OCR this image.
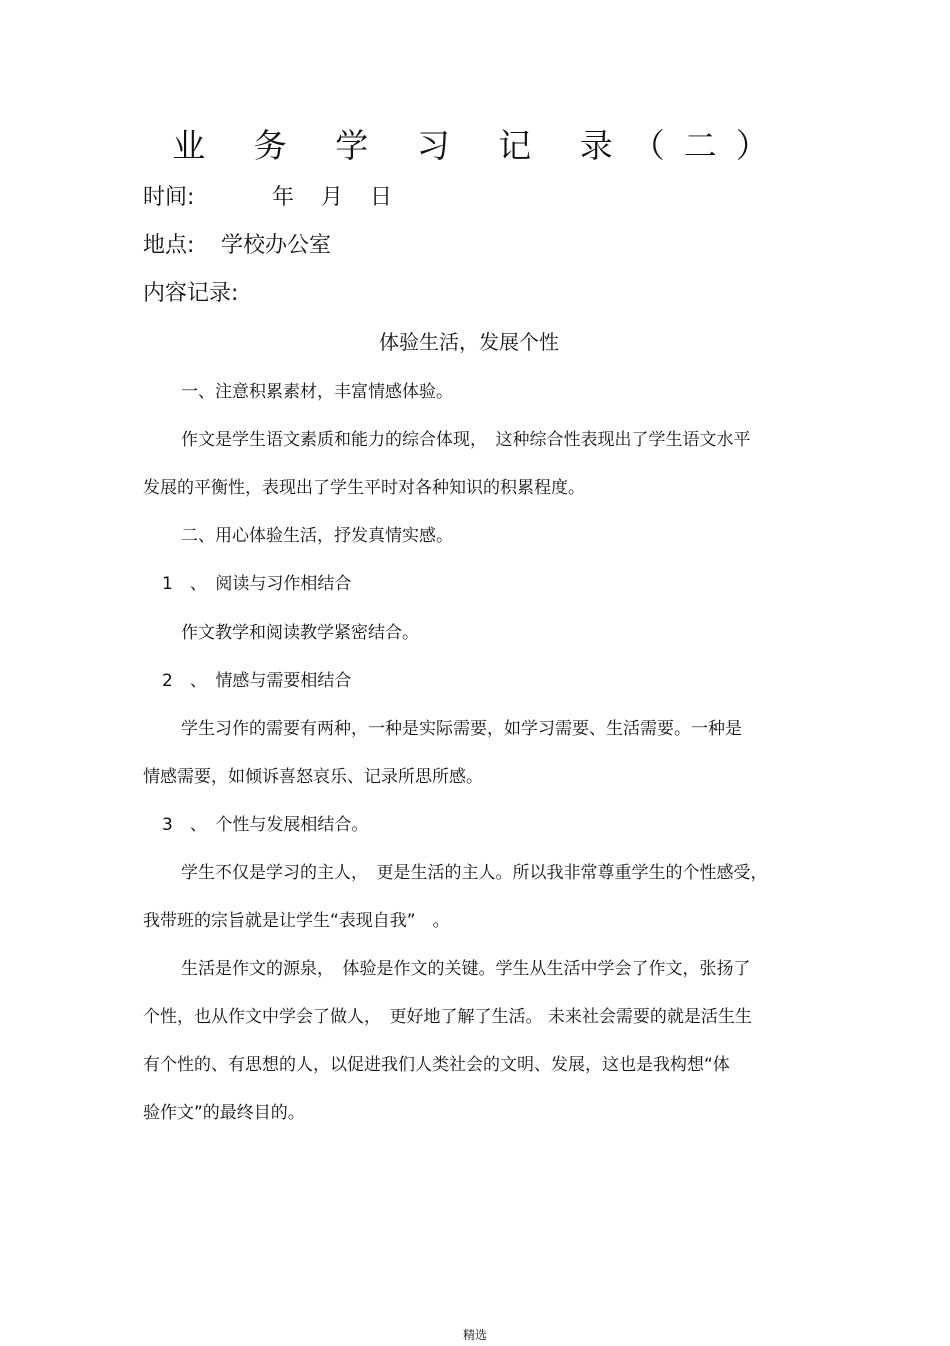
业 务 学 习 记 录（二）
时间:	年 月 日
地点: 学校办公室
内容记录:
体验生活，发展个性
一、注意积累素材，丰富情感体验。
作文是学生语文素质和能力的综合体现，　这种综合性表现出了学生语文水平
发展的平衡性，表现出了学生平时对各种知识的积累程度。
二、用心体验生活，抒发真情实感。
1　、　阅读与习作相结合
作文教学和阅读教学紧密结合。
2　、　情感与需要相结合
学生习作的需要有两种，一种是实际需要，如学习需要、生活需要。一种是
情感需要，如倾诉喜怒哀乐、记录所思所感。
3　、　个性与发展相结合。
学生不仅是学习的主人，　更是生活的主人。所以我非常尊重学生的个性感受，
我带班的宗旨就是让学生“表现自我”　。
生活是作文的源泉，　体验是作文的关键。学生从生活中学会了作文，张扬了
个性，也从作文中学会了做人，　更好地了解了生活。 未来社会需要的就是活生生
有个性的、有思想的人，以促进我们人类社会的文明、发展，这也是我构想“体
验作文”的最终目的。
精选
